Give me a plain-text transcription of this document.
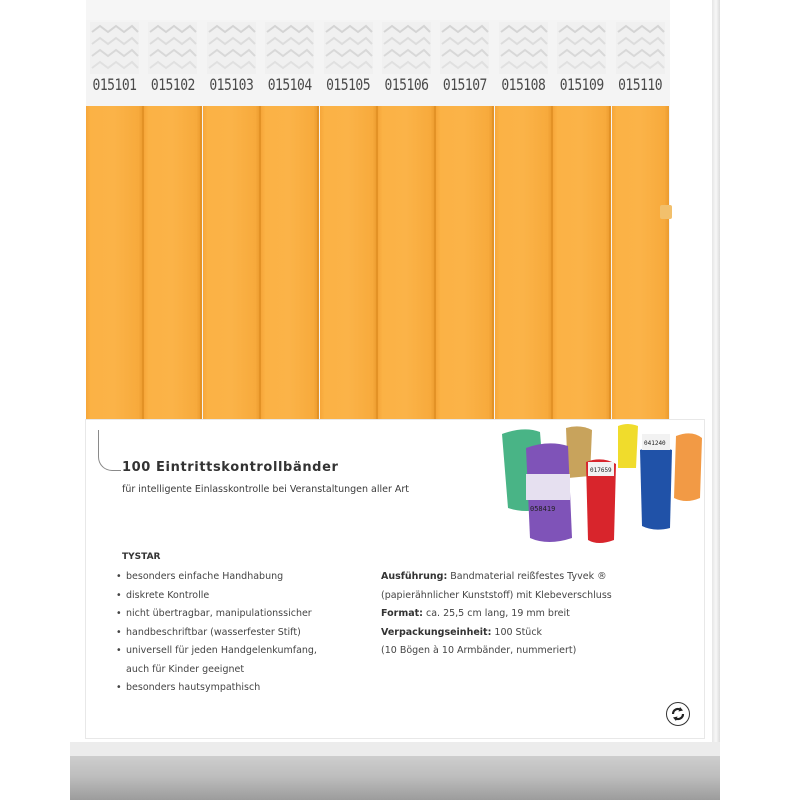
015101	015102	015103	015104	015105	015106	015107	015108	015109	015110
100 Eintrittskontrollbänder
für intelligente Einlasskontrolle bei Veranstaltungen aller Art
058419
017659
041240
TYSTAR
• besonders einfache Handhabung
• diskrete Kontrolle
• nicht übertragbar, manipulationssicher
• handbeschriftbar (wasserfester Stift)
• universell für jeden Handgelenkumfang,
auch für Kinder geeignet
• besonders hautsympathisch
Ausführung: Bandmaterial reißfestes Tyvek ®
(papierähnlicher Kunststoff) mit Klebeverschluss
Format: ca. 25,5 cm lang, 19 mm breit
Verpackungseinheit: 100 Stück
(10 Bögen à 10 Armbänder, nummeriert)
